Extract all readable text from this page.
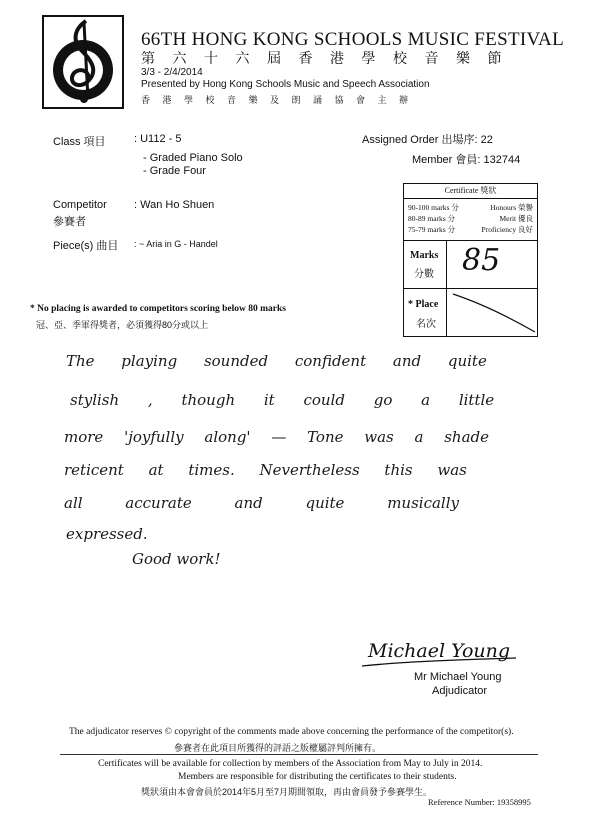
66TH HONG KONG SCHOOLS MUSIC FESTIVAL
第 六 十 六 屆 香 港 學 校 音 樂 節
3/3 - 2/4/2014
Presented by Hong Kong Schools Music and Speech Association
香 港 學 校 音 樂 及 朗 誦 協 會 主 辦
Class 項目	: U112 - 5
- Graded Piano Solo
- Grade Four
Assigned Order 出場序: 22
Member 會員: 132744
Competitor
參賽者
: Wan Ho Shuen
Piece(s) 曲目 : ~ Aria in G - Handel
Certificate 獎狀
90-100 marks 分	Honours 榮譽
80-89 marks 分	Merit 優良
75-79 marks 分	Proficiency 良好
Marks
分數 85
* Place
名次
* No placing is awarded to competitors scoring below 80 marks
冠、亞、季軍得獎者，必須獲得80分或以上
The playing sounded confident and quite
stylish , though it could go a little
more 'joyfully along' — Tone was a shade
reticent at times. Nevertheless this was
all accurate and quite musically
expressed.
Good work!
Michael Young
Mr Michael Young
Adjudicator
The adjudicator reserves © copyright of the comments made above concerning the performance of the competitor(s).
參賽者在此項目所獲得的評語之版權屬評判所擁有。
Certificates will be available for collection by members of the Association from May to July in 2014.
Members are responsible for distributing the certificates to their students.
獎狀須由本會會員於2014年5月至7月期間領取，再由會員發予參賽學生。
Reference Number: 19358995
